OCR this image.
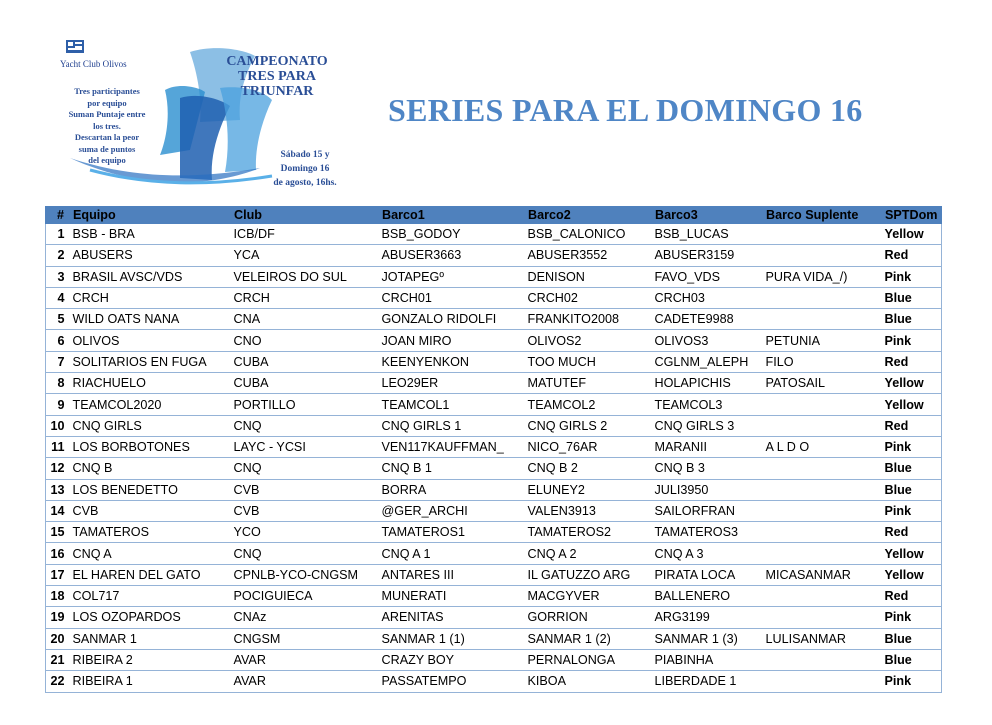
Yacht Club Olivos	CAMPEONATO
TRES PARA
TRIUNFAR
Tres participantes
por equipo
Suman Puntaje entre
los tres.
Descartan la peor
suma de puntos
del equipo	Sábado 15 y
Domingo 16
de agosto, 16hs.
SERIES PARA EL DOMINGO 16
#	Equipo	Club	Barco1	Barco2	Barco3	Barco Suplente	SPTDom
1	BSB - BRA	ICB/DF	BSB_GODOY	BSB_CALONICO	BSB_LUCAS		Yellow
2	ABUSERS	YCA	ABUSER3663	ABUSER3552	ABUSER3159		Red
3	BRASIL AVSC/VDS	VELEIROS DO SUL	JOTAPEGº	DENISON	FAVO_VDS	PURA VIDA_/)	Pink
4	CRCH	CRCH	CRCH01	CRCH02	CRCH03		Blue
5	WILD OATS NANA	CNA	GONZALO RIDOLFI	FRANKITO2008	CADETE9988		Blue
6	OLIVOS	CNO	JOAN MIRO	OLIVOS2	OLIVOS3	PETUNIA	Pink
7	SOLITARIOS EN FUGA	CUBA	KEENYENKON	TOO MUCH	CGLNM_ALEPH	FILO	Red
8	RIACHUELO	CUBA	LEO29ER	MATUTEF	HOLAPICHIS	PATOSAIL	Yellow
9	TEAMCOL2020	PORTILLO	TEAMCOL1	TEAMCOL2	TEAMCOL3		Yellow
10	CNQ GIRLS	CNQ	CNQ GIRLS 1	CNQ GIRLS 2	CNQ GIRLS 3		Red
11	LOS BORBOTONES	LAYC - YCSI	VEN117KAUFFMAN_	NICO_76AR	MARANII	A L D O	Pink
12	CNQ B	CNQ	CNQ B 1	CNQ B 2	CNQ B 3		Blue
13	LOS BENEDETTO	CVB	BORRA	ELUNEY2	JULI3950		Blue
14	CVB	CVB	@GER_ARCHI	VALEN3913	SAILORFRAN		Pink
15	TAMATEROS	YCO	TAMATEROS1	TAMATEROS2	TAMATEROS3		Red
16	CNQ A	CNQ	CNQ A 1	CNQ A 2	CNQ A 3		Yellow
17	EL HAREN DEL GATO	CPNLB-YCO-CNGSM	ANTARES III	IL GATUZZO ARG	PIRATA LOCA	MICASANMAR	Yellow
18	COL717	POCIGUIECA	MUNERATI	MACGYVER	BALLENERO		Red
19	LOS OZOPARDOS	CNAz	ARENITAS	GORRION	ARG3199		Pink
20	SANMAR 1	CNGSM	SANMAR 1 (1)	SANMAR 1 (2)	SANMAR 1 (3)	LULISANMAR	Blue
21	RIBEIRA 2	AVAR	CRAZY BOY	PERNALONGA	PIABINHA		Blue
22	RIBEIRA 1	AVAR	PASSATEMPO	KIBOA	LIBERDADE 1		Pink
